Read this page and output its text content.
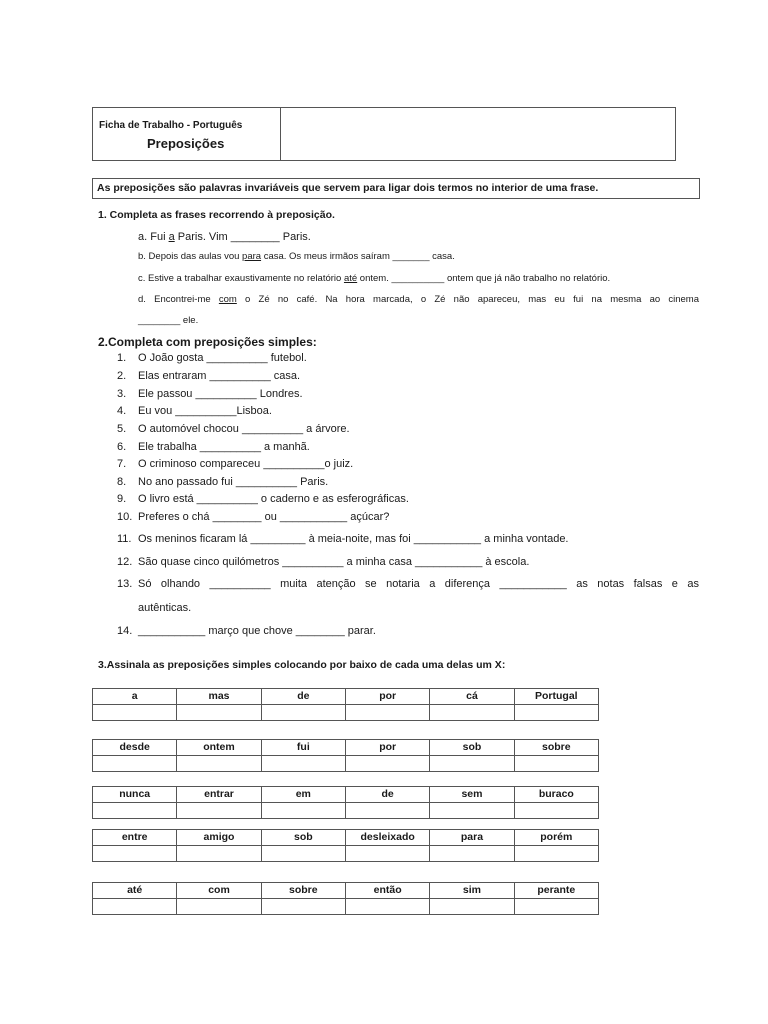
Ficha de Trabalho - Português
Preposições
As preposições são palavras invariáveis que servem para ligar dois termos no interior de uma frase.
1. Completa as frases recorrendo à preposição.
a. Fui a Paris. Vim ________ Paris.
b. Depois das aulas vou para casa. Os meus irmãos saíram _______ casa.
c. Estive a trabalhar exaustivamente no relatório até ontem. __________ ontem que já não trabalho no relatório.
d. Encontrei-me com o Zé no café. Na hora marcada, o Zé não apareceu, mas eu fui na mesma ao cinema
________ ele.
2.Completa com preposições simples:
1. O João gosta __________ futebol.
2. Elas entraram __________ casa.
3. Ele passou __________ Londres.
4. Eu vou __________Lisboa.
5. O automóvel chocou __________ a árvore.
6. Ele trabalha __________ a manhã.
7. O criminoso compareceu __________o juiz.
8. No ano passado fui __________ Paris.
9. O livro está __________ o caderno e as esferográficas.
10. Preferes o chá ________ ou ___________ açúcar?
11. Os meninos ficaram lá _________ à meia-noite, mas foi ___________ a minha vontade.
12. São quase cinco quilómetros __________ a minha casa ___________ à escola.
13. Só olhando __________ muita atenção se notaria a diferença ___________ as notas falsas e as
autênticas.
14. ___________ março que chove ________ parar.
3.Assinala as preposições simples colocando por baixo de cada uma delas um X:
a	mas	de	por	cá	Portugal

desde	ontem	fui	por	sob	sobre

nunca	entrar	em	de	sem	buraco

entre	amigo	sob	desleixado	para	porém

até	com	sobre	então	sim	perante
